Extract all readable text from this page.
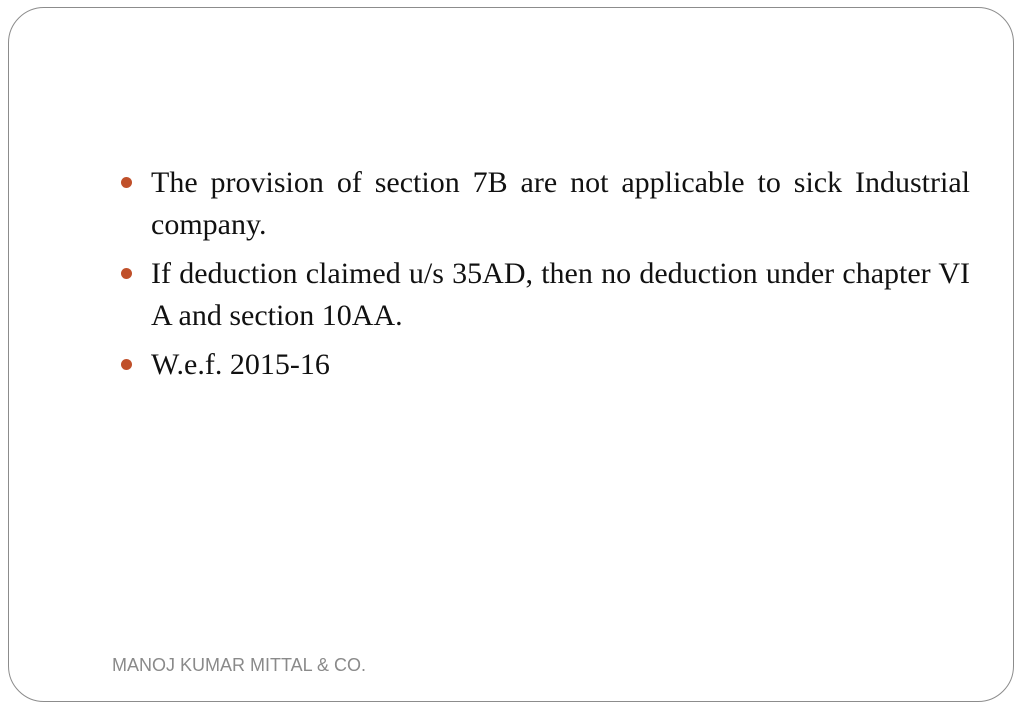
The provision of section 7B are not applicable to sick Industrial company.
If deduction claimed u/s 35AD, then no deduction under chapter VI A and section 10AA.
W.e.f. 2015-16
MANOJ KUMAR MITTAL & CO.
